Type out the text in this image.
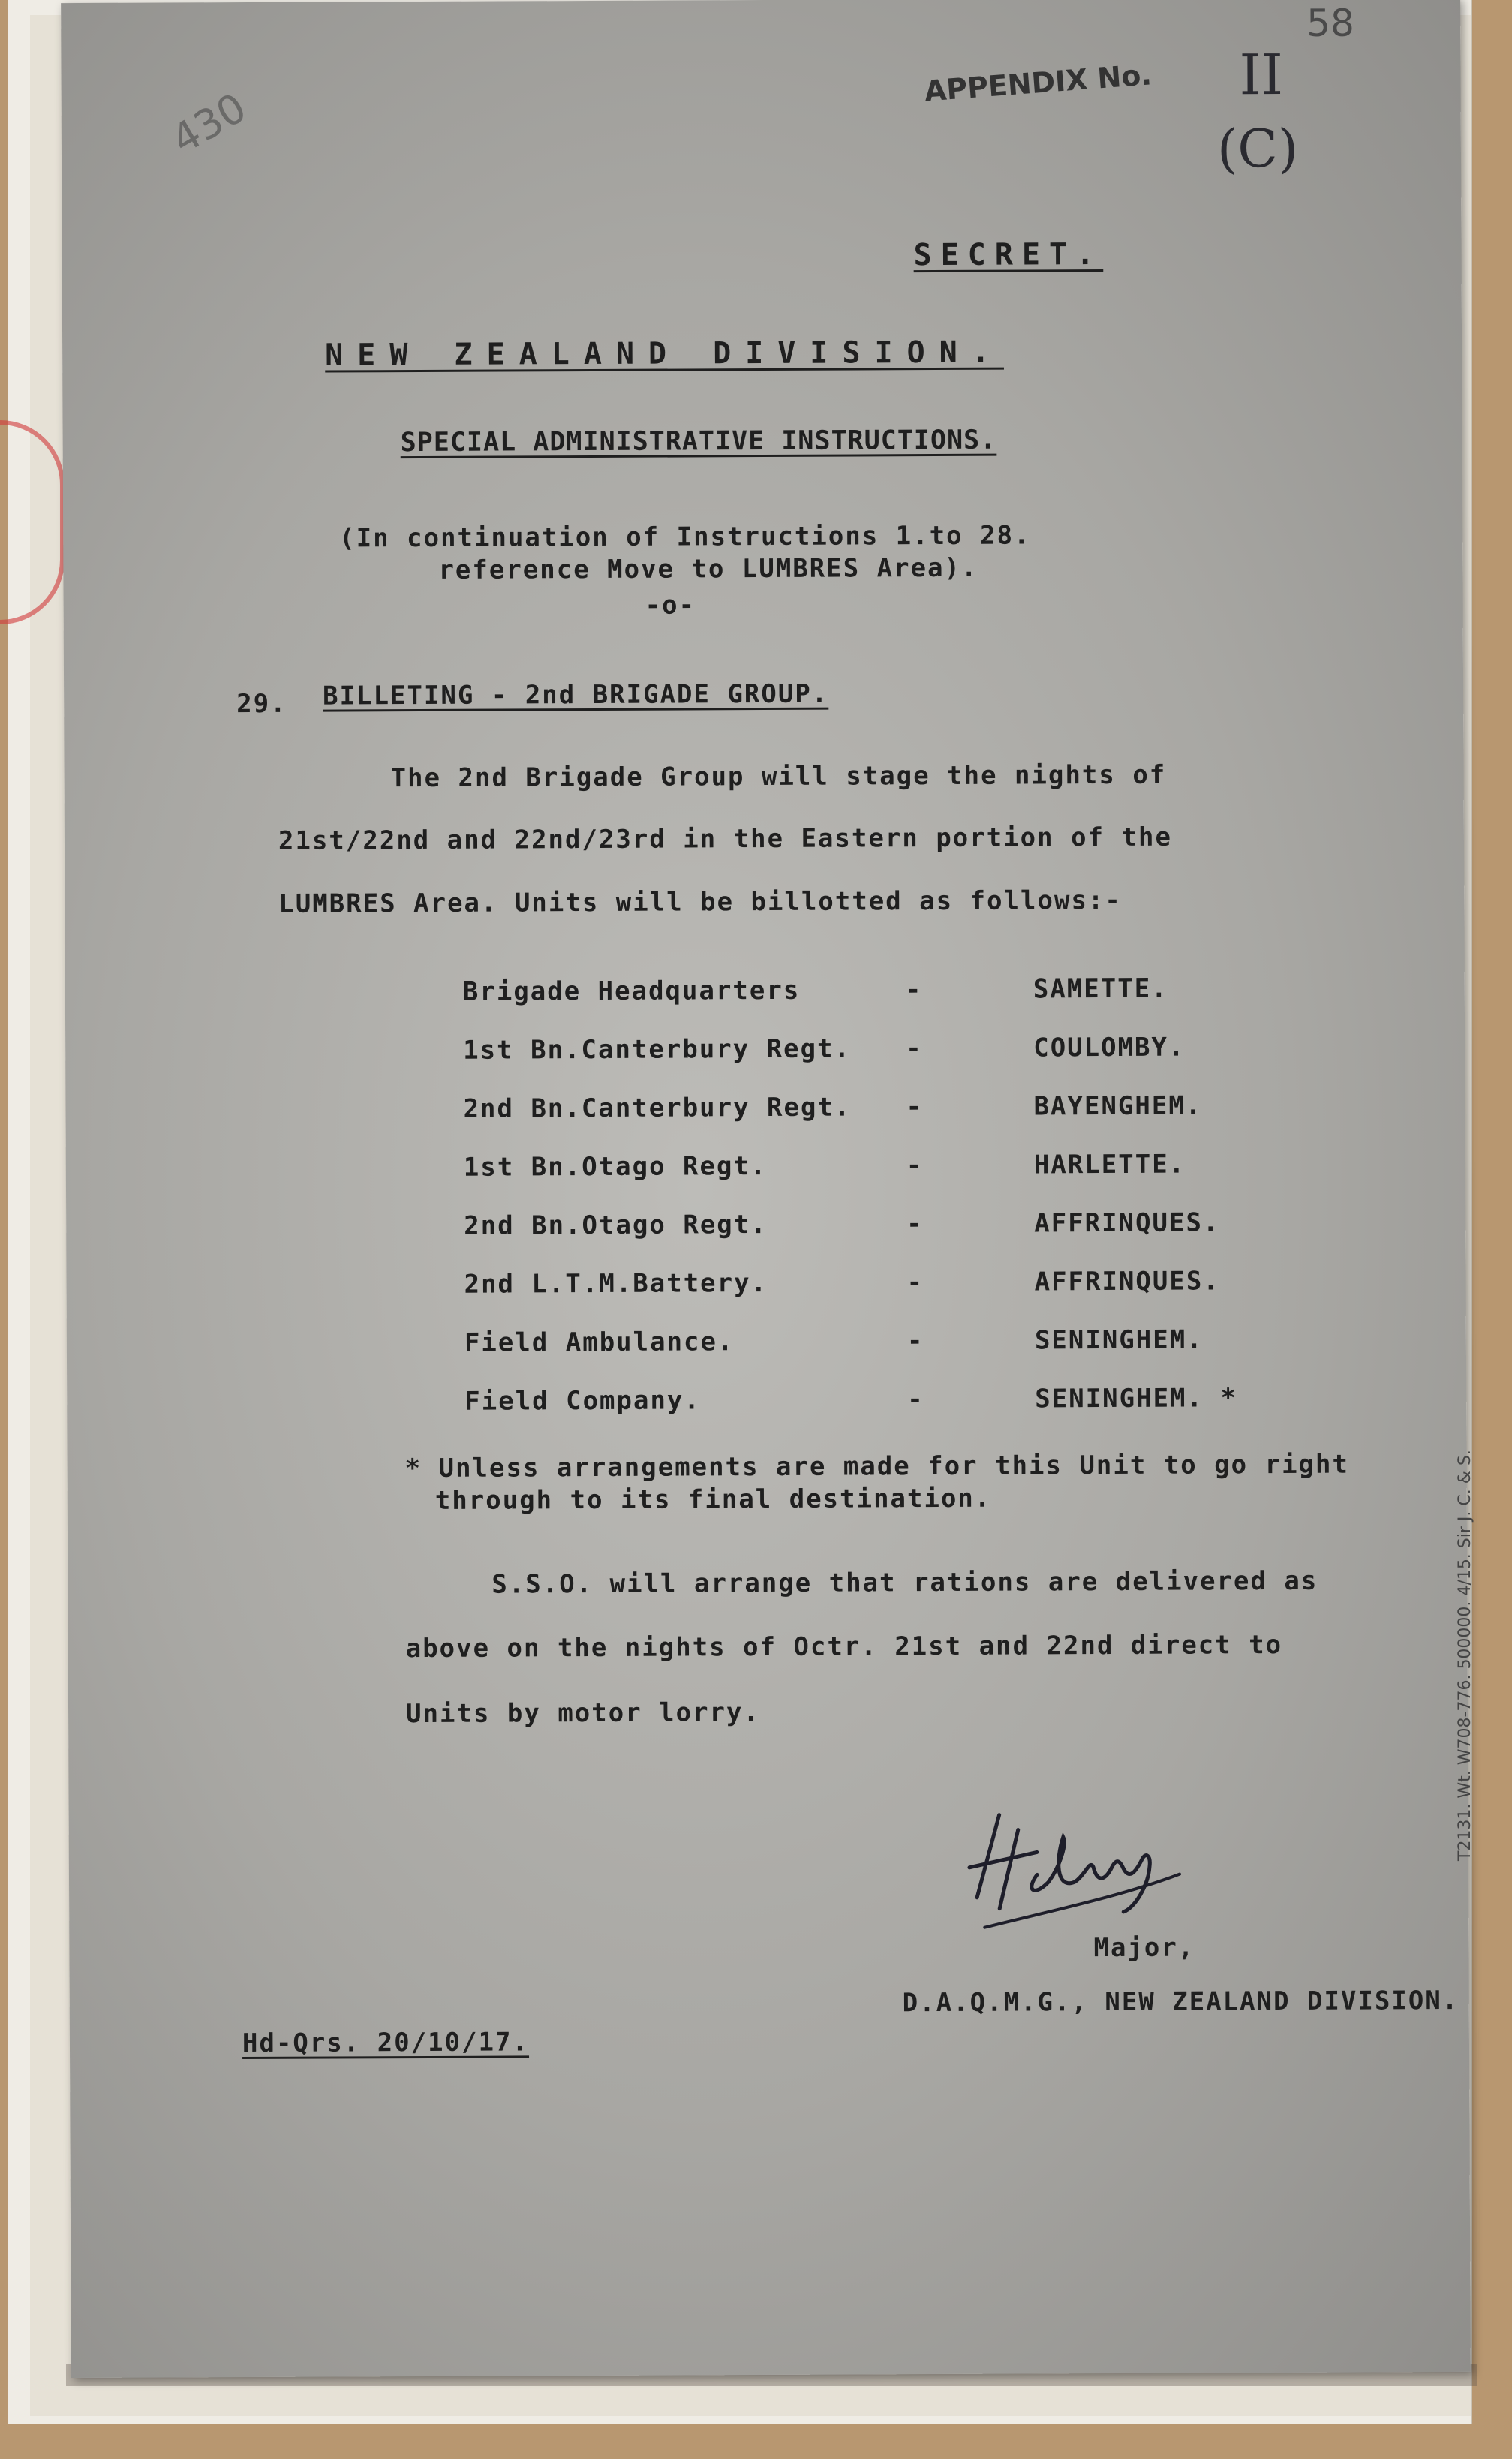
58
430
APPENDIX No. II
(C)
SECRET.
NEW ZEALAND DIVISION.
SPECIAL ADMINISTRATIVE INSTRUCTIONS.
(In continuation of Instructions 1.to 28.
reference Move to LUMBRES Area).
-o-
29. BILLETING - 2nd BRIGADE GROUP.
The 2nd Brigade Group will stage the nights of
21st/22nd and 22nd/23rd in the Eastern portion of the
LUMBRES Area. Units will be billotted as follows:-
Brigade Headquarters	-	SAMETTE.
1st Bn.Canterbury Regt. -	COULOMBY.
2nd Bn.Canterbury Regt. -	BAYENGHEM.
1st Bn.Otago Regt.	-	HARLETTE.
2nd Bn.Otago Regt.	-	AFFRINQUES.
2nd L.T.M.Battery.	-	AFFRINQUES.
Field Ambulance.	-	SENINGHEM.
Field Company.	-	SENINGHEM. *
* Unless arrangements are made for this Unit to go right
through to its final destination.
S.S.O. will arrange that rations are delivered as
above on the nights of Octr. 21st and 22nd direct to
Units by motor lorry.
Major,
D.A.Q.M.G., NEW ZEALAND DIVISION.
Hd-Qrs. 20/10/17.
T2131. Wt. W708-776. 500000. 4/15. Sir J. C. & S.
